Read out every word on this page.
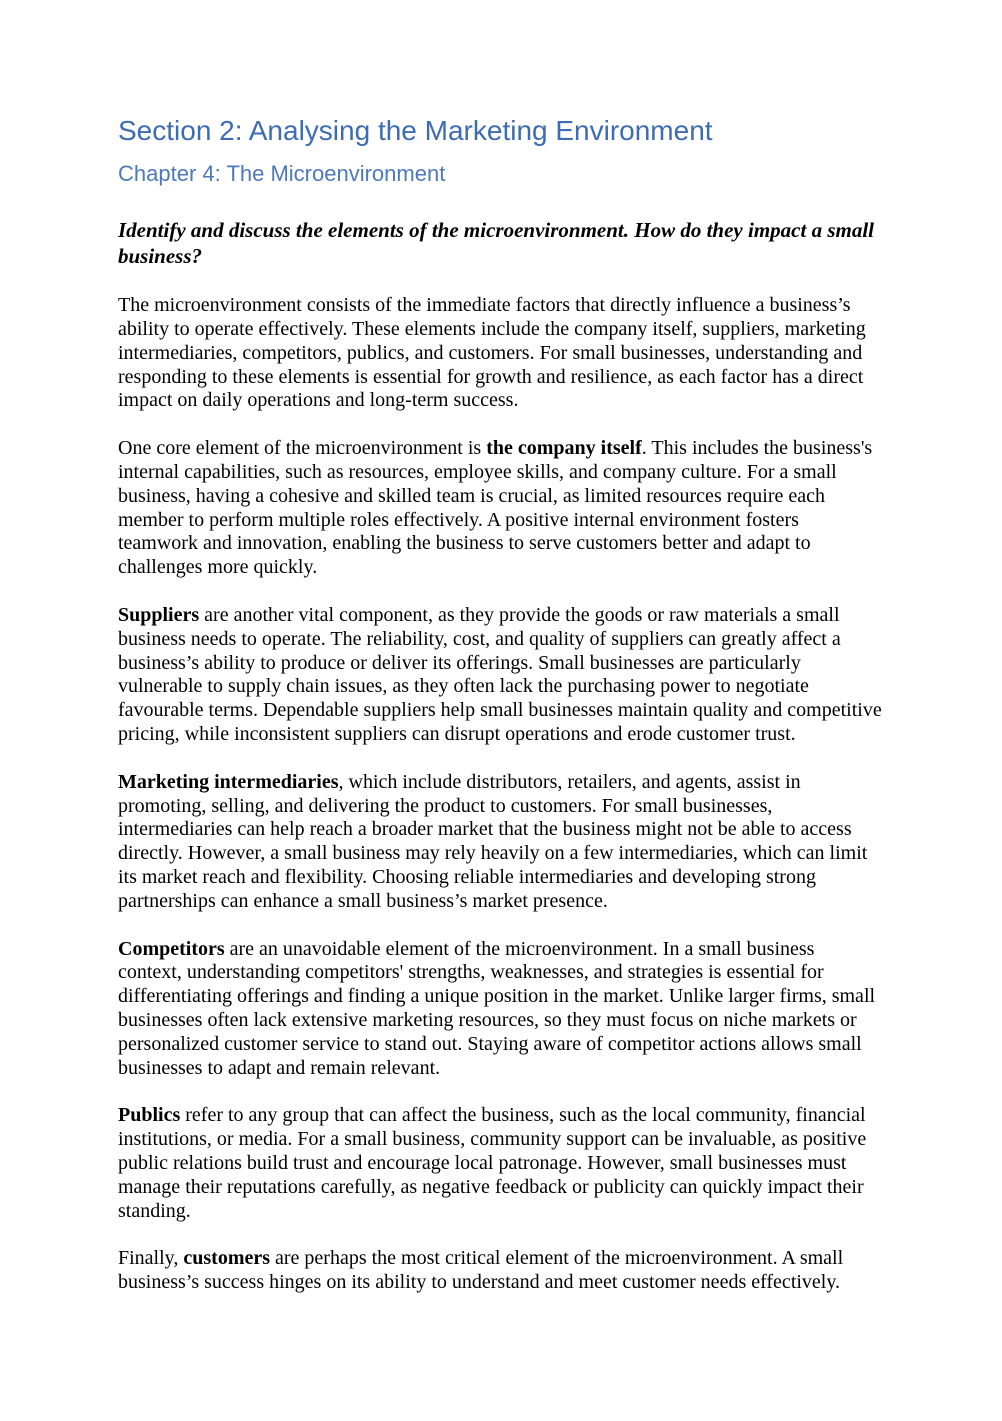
Section 2: Analysing the Marketing Environment
Chapter 4: The Microenvironment

Identify and discuss the elements of the microenvironment. How do they impact a small business?

The microenvironment consists of the immediate factors that directly influence a business’s ability to operate effectively. These elements include the company itself, suppliers, marketing intermediaries, competitors, publics, and customers. For small businesses, understanding and responding to these elements is essential for growth and resilience, as each factor has a direct impact on daily operations and long-term success.

One core element of the microenvironment is the company itself. This includes the business's internal capabilities, such as resources, employee skills, and company culture. For a small business, having a cohesive and skilled team is crucial, as limited resources require each member to perform multiple roles effectively. A positive internal environment fosters teamwork and innovation, enabling the business to serve customers better and adapt to challenges more quickly.

Suppliers are another vital component, as they provide the goods or raw materials a small business needs to operate. The reliability, cost, and quality of suppliers can greatly affect a business’s ability to produce or deliver its offerings. Small businesses are particularly vulnerable to supply chain issues, as they often lack the purchasing power to negotiate favourable terms. Dependable suppliers help small businesses maintain quality and competitive pricing, while inconsistent suppliers can disrupt operations and erode customer trust.

Marketing intermediaries, which include distributors, retailers, and agents, assist in promoting, selling, and delivering the product to customers. For small businesses, intermediaries can help reach a broader market that the business might not be able to access directly. However, a small business may rely heavily on a few intermediaries, which can limit its market reach and flexibility. Choosing reliable intermediaries and developing strong partnerships can enhance a small business’s market presence.

Competitors are an unavoidable element of the microenvironment. In a small business context, understanding competitors' strengths, weaknesses, and strategies is essential for differentiating offerings and finding a unique position in the market. Unlike larger firms, small businesses often lack extensive marketing resources, so they must focus on niche markets or personalized customer service to stand out. Staying aware of competitor actions allows small businesses to adapt and remain relevant.

Publics refer to any group that can affect the business, such as the local community, financial institutions, or media. For a small business, community support can be invaluable, as positive public relations build trust and encourage local patronage. However, small businesses must manage their reputations carefully, as negative feedback or publicity can quickly impact their standing.

Finally, customers are perhaps the most critical element of the microenvironment. A small business’s success hinges on its ability to understand and meet customer needs effectively.
